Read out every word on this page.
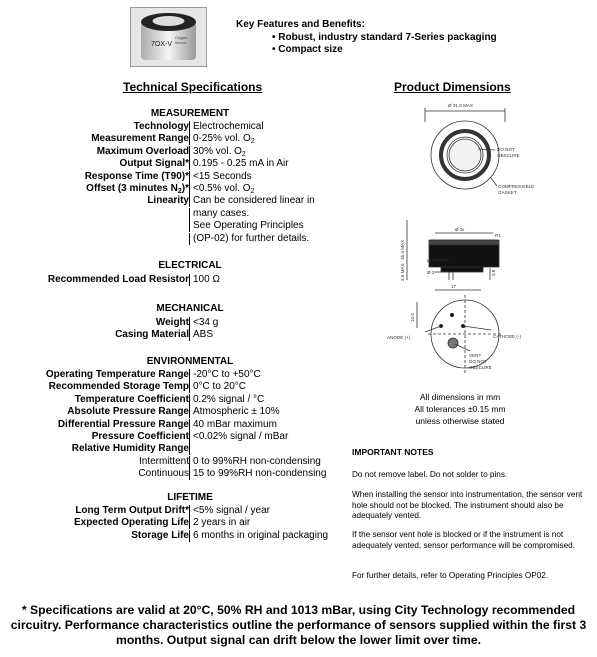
7OX-V
Oxygen
Sensor
Key Features and Benefits:
• Robust, industry standard 7-Series packaging
• Compact size
Technical Specifications
MEASUREMENT
Technology Electrochemical
Measurement Range 0-25% vol. $O_2$
Maximum Overload 30% vol. $O_2$
Output Signal* 0.195 - 0.25 mA in Air
Response Time (T90)* <15 Seconds
Offset (3 minutes $N_2)* <0.5\%$ vol. $O_2$
Linearity Can be considered linear in
many cases.
See Operating Principles
(OP-02) for further details.
ELECTRICAL
Recommended Load Resistor 100 Ω
MECHANICAL
Weight <34 g
Casing Material ABS
ENVIRONMENTAL
Operating Temperature Range -20°C to +50°C
Recommended Storage Temp 0°C to 20°C
Temperature Coefficient 0.2% signal / °C
Absolute Pressure Range Atmospheric ± 10%
Differential Pressure Range 40 mBar maximum
Pressure Coefficient <0.02% signal / mBar
Relative Humidity Range
Intermittent 0 to 99%RH non-condensing
Continuous 15 to 99%RH non-condensing
LIFETIME
Long Term Output Drift* <5% signal / year
Expected Operating Life 2 years in air
Storage Life 6 months in original packaging
Product Dimensions
Ø 31.8 MAX
DO NOT
OBSCURE
COMPRESSIBLE
GASKET
Ø 2ε
R1
16.4 MAX
3.6 MAX
Ø 1
Ø 3	3.6
17
10.5
ANODE (+)	CATHODE (-)
VENT
DO NOT
OBSCURE
All dimensions in mm
All tolerances ±0.15 mm
unless otherwise stated
IMPORTANT NOTES
Do not remove label. Do not solder to pins.
When installing the sensor into instrumentation, the sensor vent hole should not be blocked. The instrument should also be adequately vented.
If the sensor vent hole is blocked or if the instrument is not adequately vented, sensor performance will be compromised.
For further details, refer to Operating Principles OP02.
* Specifications are valid at 20°C, 50% RH and 1013 mBar, using City Technology recommended circuitry. Performance characteristics outline the performance of sensors supplied within the first 3 months. Output signal can drift below the lower limit over time.
